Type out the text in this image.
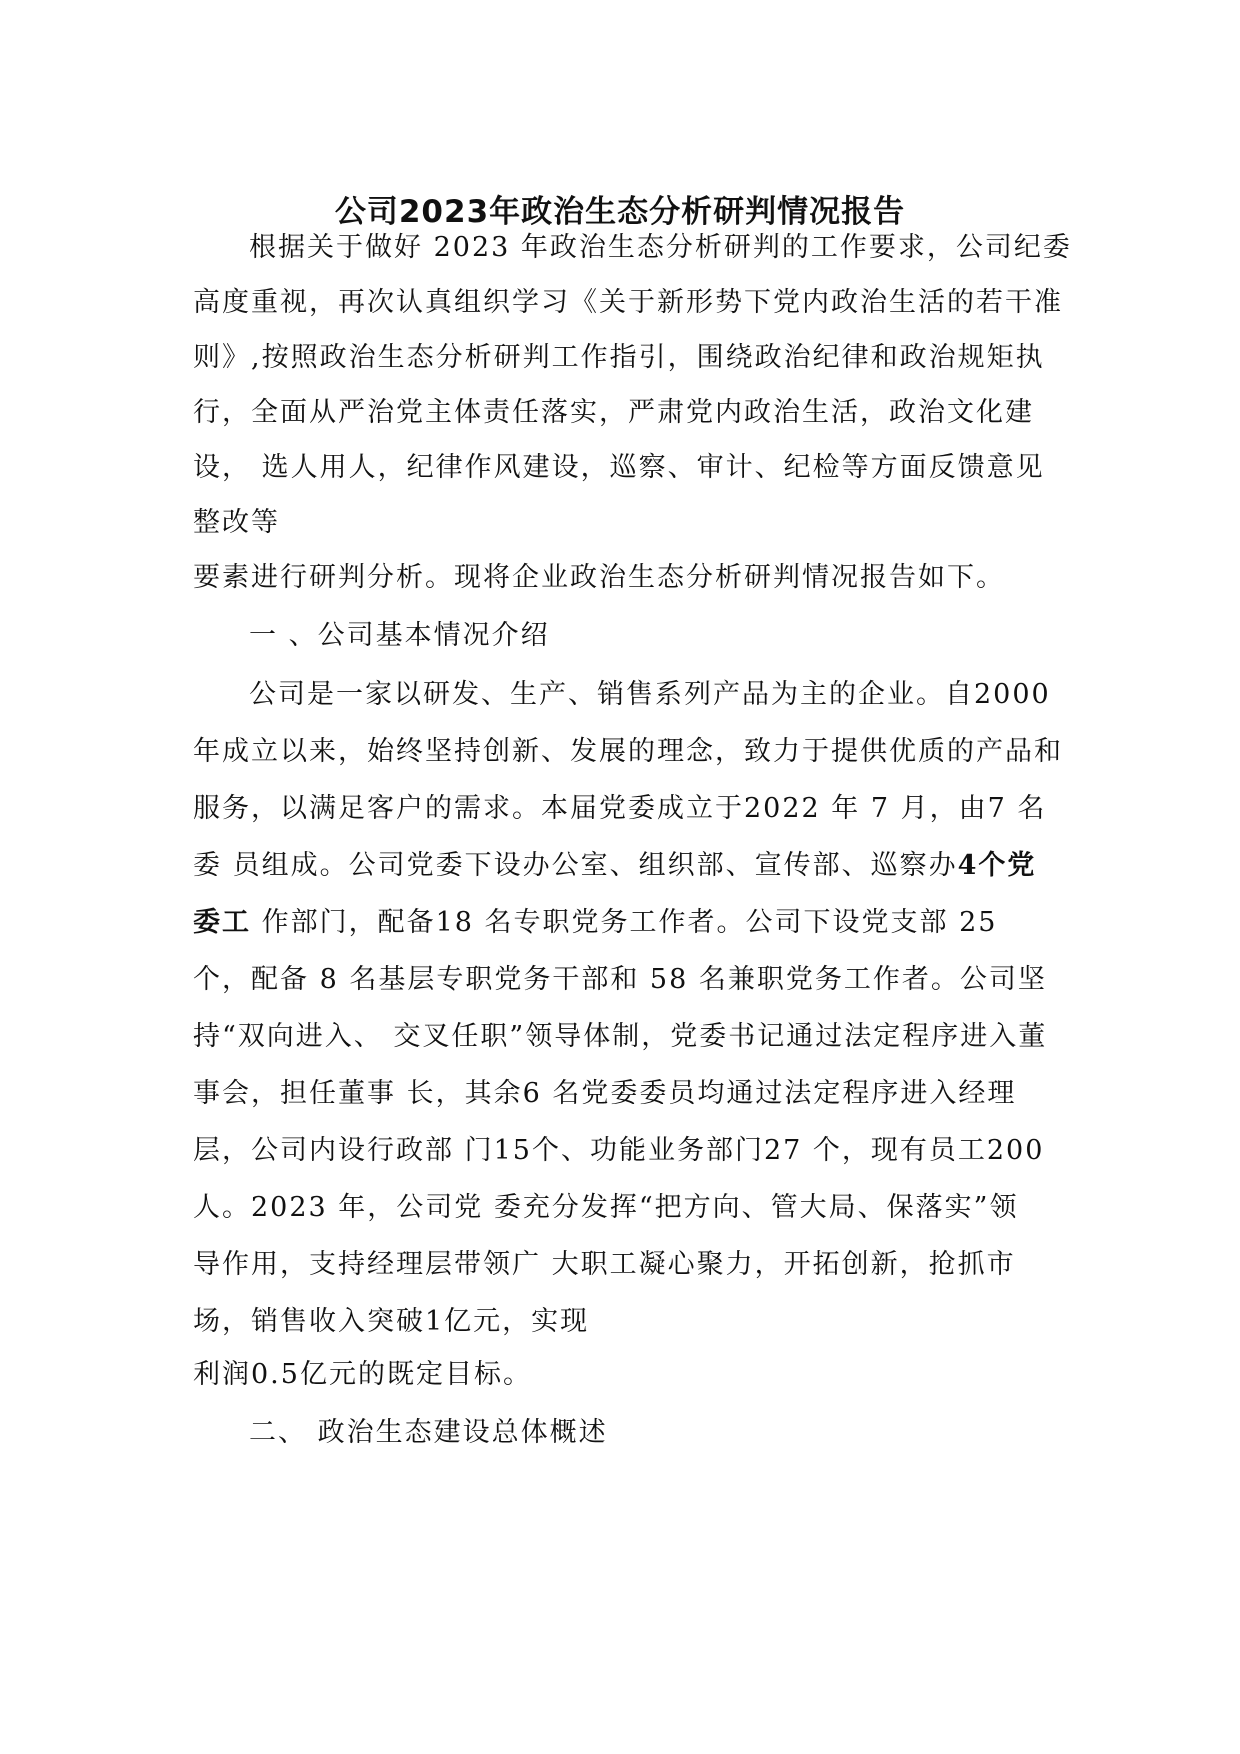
公司2023年政治生态分析研判情况报告
根据关于做好 2023 年政治生态分析研判的工作要求，公司纪委
高度重视，再次认真组织学习《关于新形势下党内政治生活的若干准
则》,按照政治生态分析研判工作指引，围绕政治纪律和政治规矩执
行，全面从严治党主体责任落实，严肃党内政治生活，政治文化建
设， 选人用人，纪律作风建设，巡察、审计、纪检等方面反馈意见
整改等
要素进行研判分析。现将企业政治生态分析研判情况报告如下。
一 、公司基本情况介绍
公司是一家以研发、生产、销售系列产品为主的企业。自2000
年成立以来，始终坚持创新、发展的理念，致力于提供优质的产品和
服务，以满足客户的需求。本届党委成立于2022 年 7 月，由7 名
委 员组成。公司党委下设办公室、组织部、宣传部、巡察办4个党
委工 作部门，配备18 名专职党务工作者。公司下设党支部 25
个，配备 8 名基层专职党务干部和 58 名兼职党务工作者。公司坚
持“双向进入、 交叉任职”领导体制，党委书记通过法定程序进入董
事会，担任董事 长，其余6 名党委委员均通过法定程序进入经理
层，公司内设行政部 门15个、功能业务部门27 个，现有员工200
人。2023 年，公司党 委充分发挥“把方向、管大局、保落实”领
导作用，支持经理层带领广 大职工凝心聚力，开拓创新，抢抓市
场，销售收入突破1亿元，实现
利润0.5亿元的既定目标。
二、 政治生态建设总体概述
